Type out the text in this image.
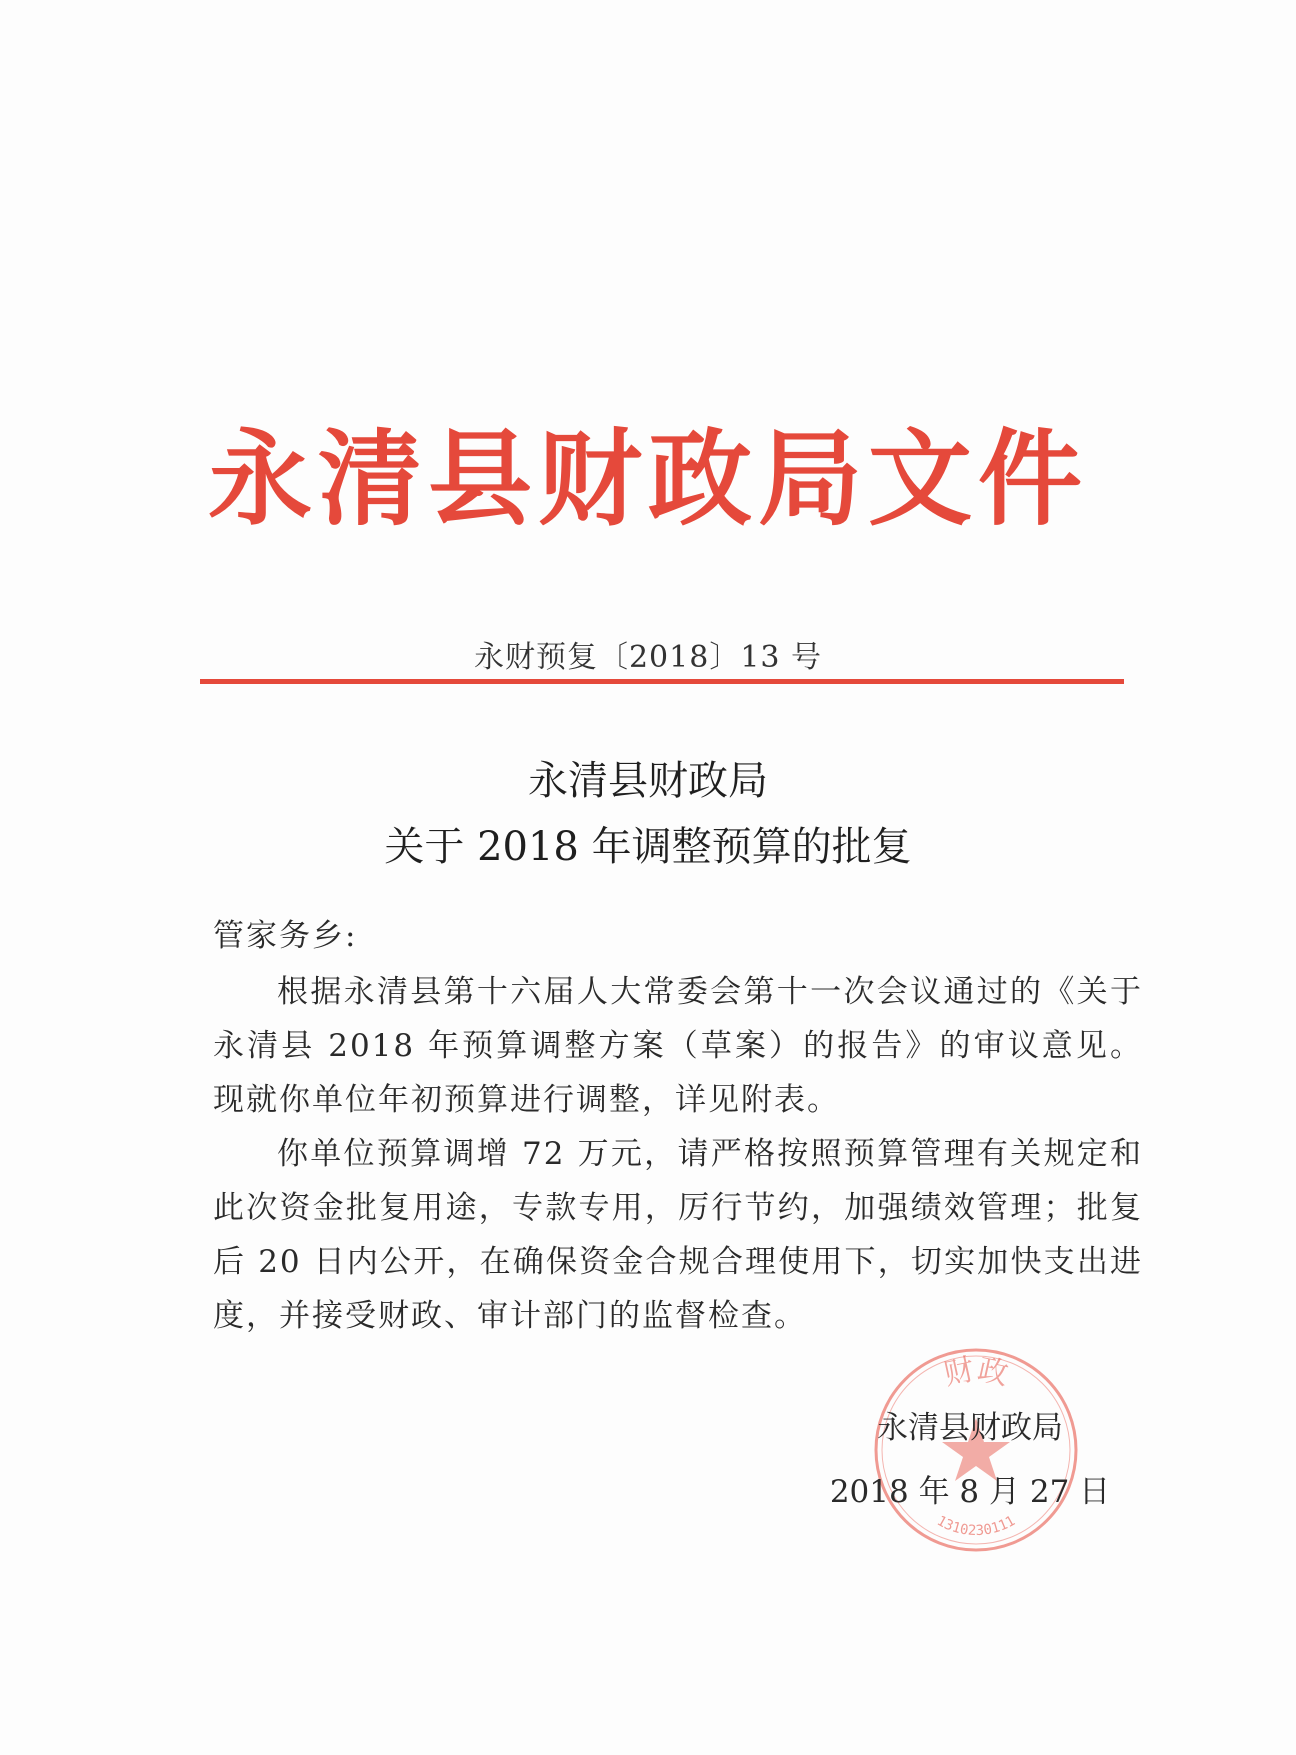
永清县财政局文件
永财预复〔2018〕13 号
永清县财政局
关于 2018 年调整预算的批复
管家务乡:

根据永清县第十六届人大常委会第十一次会议通过的《关于永清县 2018 年预算调整方案（草案）的报告》的审议意见。现就你单位年初预算进行调整，详见附表。

你单位预算调增 72 万元，请严格按照预算管理有关规定和此次资金批复用途，专款专用，厉行节约，加强绩效管理；批复后 20 日内公开，在确保资金合规合理使用下，切实加快支出进度，并接受财政、审计部门的监督检查。

财政
1310230111
永清县财政局
2018 年 8 月 27 日
